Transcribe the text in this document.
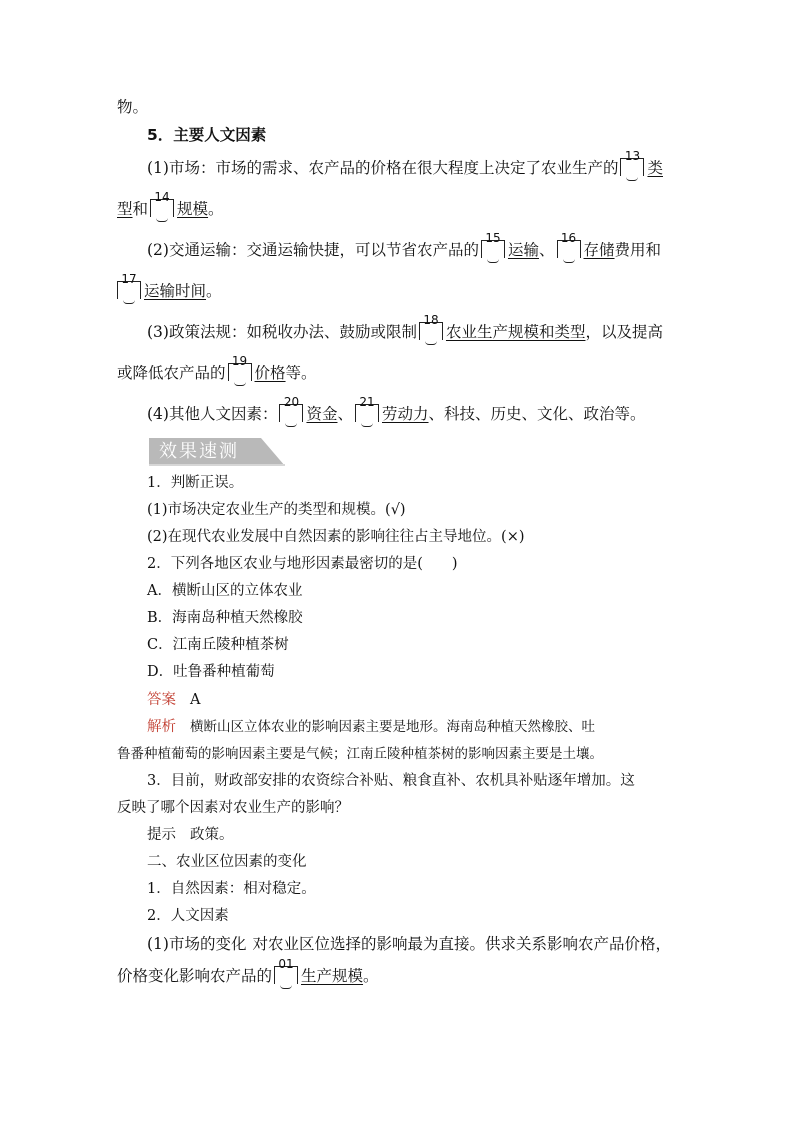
物。
5．主要人文因素
(1)市场：市场的需求、农产品的价格在很大程度上决定了农业生产的
13
类
型和
14
规模。
(2)交通运输：交通运输快捷，可以节省农产品的
15
运输、
16
存储费用和
17
运输时间。
(3)政策法规：如税收办法、鼓励或限制
18
农业生产规模和类型，以及提高
或降低农产品的
19
价格等。
(4)其他人文因素：
20
资金、
21
劳动力、科技、历史、文化、政治等。
效果速测
1．判断正误。
(1)市场决定农业生产的类型和规模。(√)
(2)在现代农业发展中自然因素的影响往往占主导地位。(×)
2．下列各地区农业与地形因素最密切的是(　　)
A．横断山区的立体农业
B．海南岛种植天然橡胶
C．江南丘陵种植茶树
D．吐鲁番种植葡萄
答案 A
解析 横断山区立体农业的影响因素主要是地形。海南岛种植天然橡胶、吐
鲁番种植葡萄的影响因素主要是气候；江南丘陵种植茶树的影响因素主要是土壤。
3．目前，财政部安排的农资综合补贴、粮食直补、农机具补贴逐年增加。这
反映了哪个因素对农业生产的影响？
提示 政策。
二、农业区位因素的变化
1．自然因素：相对稳定。
2．人文因素
(1)市场的变化 对农业区位选择的影响最为直接。供求关系影响农产品价格，
价格变化影响农产品的
01
生产规模。
